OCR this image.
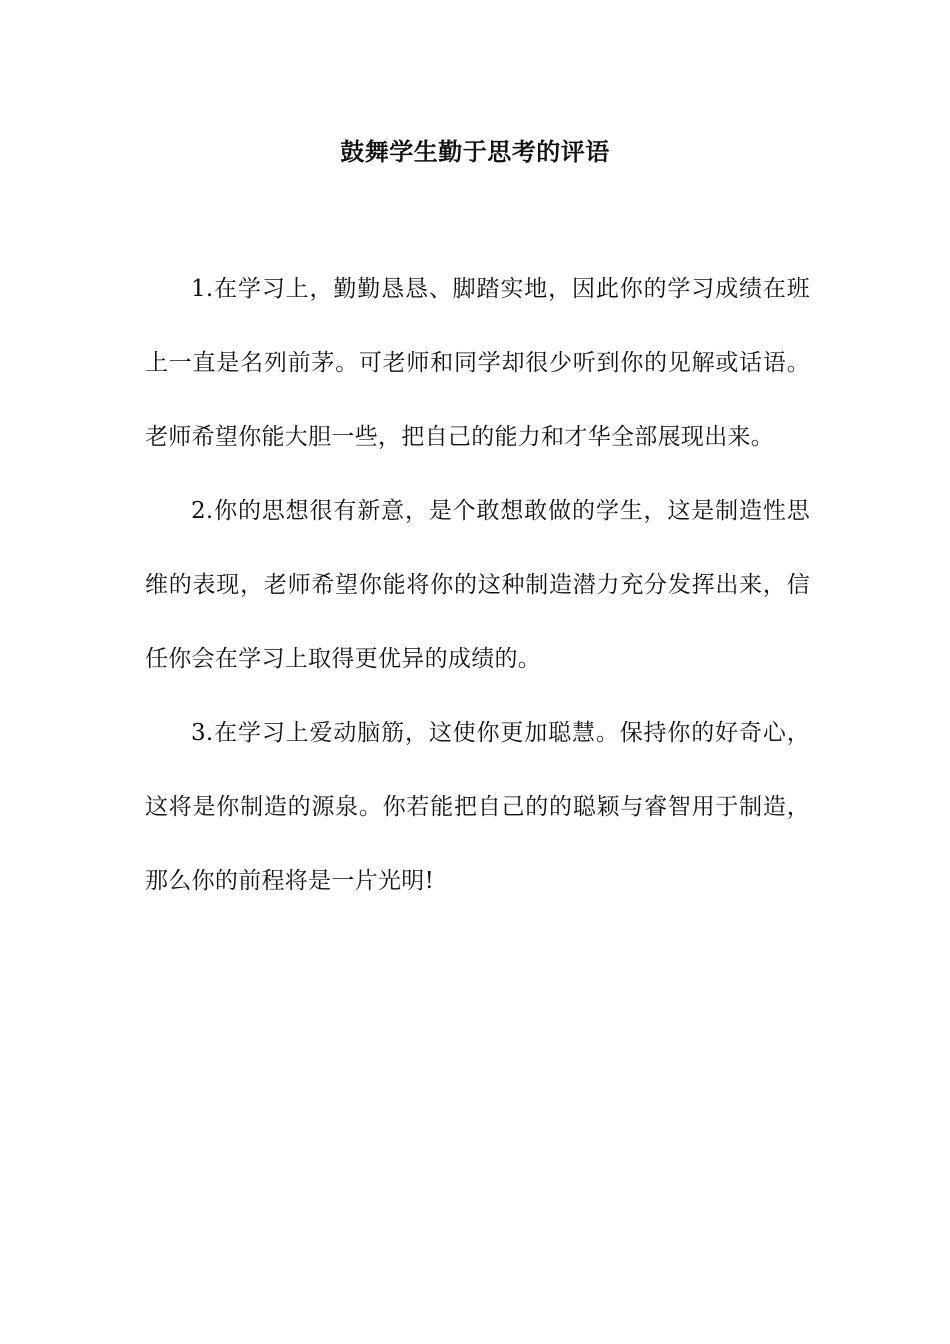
鼓舞学生勤于思考的评语

1.在学习上，勤勤恳恳、脚踏实地，因此你的学习成绩在班上一直是名列前茅。可老师和同学却很少听到你的见解或话语。老师希望你能大胆一些，把自己的能力和才华全部展现出来。

2.你的思想很有新意，是个敢想敢做的学生，这是制造性思维的表现，老师希望你能将你的这种制造潜力充分发挥出来，信任你会在学习上取得更优异的成绩的。

3.在学习上爱动脑筋，这使你更加聪慧。保持你的好奇心，这将是你制造的源泉。你若能把自己的的聪颖与睿智用于制造，那么你的前程将是一片光明!
